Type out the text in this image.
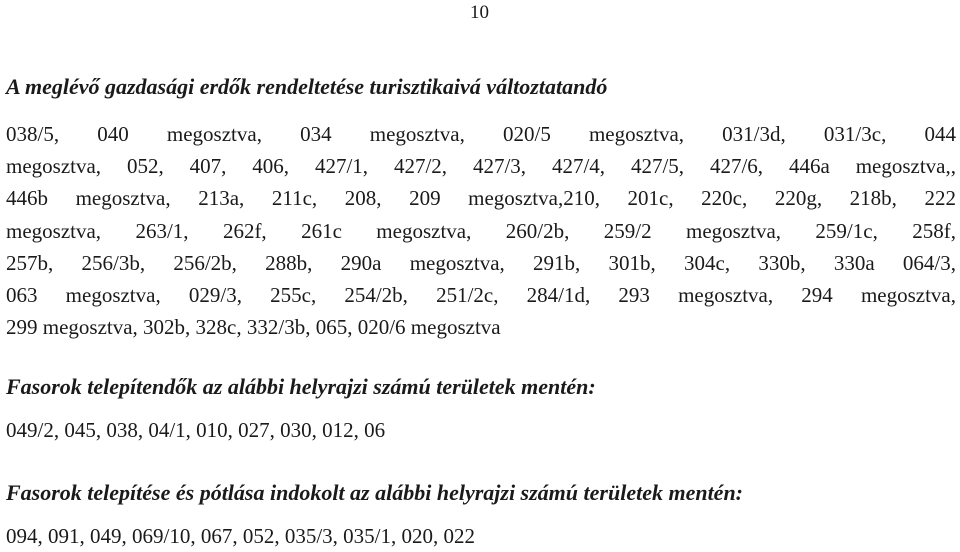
10
A meglévő gazdasági erdők rendeltetése turisztikaivá változtatandó

038/5, 040 megosztva, 034 megosztva, 020/5 megosztva, 031/3d, 031/3c, 044
megosztva, 052, 407, 406, 427/1, 427/2, 427/3, 427/4, 427/5, 427/6, 446a megosztva,,
446b megosztva, 213a, 211c, 208, 209 megosztva,210, 201c, 220c, 220g, 218b, 222
megosztva, 263/1, 262f, 261c megosztva, 260/2b, 259/2 megosztva, 259/1c, 258f,
257b, 256/3b, 256/2b, 288b, 290a megosztva, 291b, 301b, 304c, 330b, 330a 064/3,
063 megosztva, 029/3, 255c, 254/2b, 251/2c, 284/1d, 293 megosztva, 294 megosztva,
299 megosztva, 302b, 328c, 332/3b, 065, 020/6 megosztva

Fasorok telepítendők az alábbi helyrajzi számú területek mentén:

049/2, 045, 038, 04/1, 010, 027, 030, 012, 06

Fasorok telepítése és pótlása indokolt az alábbi helyrajzi számú területek mentén:

094, 091, 049, 069/10, 067, 052, 035/3, 035/1, 020, 022
